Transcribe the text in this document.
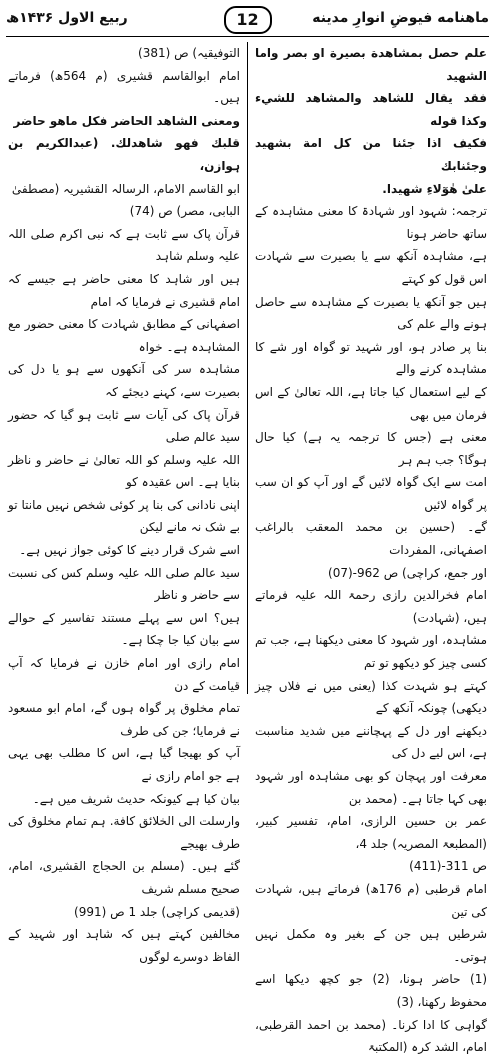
ماهنامه فيوضِ انوارِ مدينه
12
ربیع الاول ۱۴۳۶ھ

علم حصل بمشاهدة بصيرة او بصر واما الشهيد

فقد يقال للشاهد والمشاهد للشيء وكذا قوله

فكيف اذا جئنا من كل امة بشهيد وجئنابك

علیٰ ھٰوٓلاءِ شهيدا.

ترجمہ: شہود اور شہادۃ کا معنی مشاہدہ کے ساتھ حاضر ہونا

ہے، مشاہدہ آنکھ سے یا بصیرت سے شہادت اس قول کو کہتے

ہیں جو آنکھ یا بصیرت کے مشاہدہ سے حاصل ہونے والے علم کی

بنا پر صادر ہو، اور شہید تو گواہ اور شے کا مشاہدہ کرنے والے

کے لیے استعمال کیا جاتا ہے، اللہ تعالیٰ کے اس فرمان میں بھی

معنی ہے (جس کا ترجمہ یہ ہے) کیا حال ہوگا؟ جب ہم ہر

امت سے ایک گواہ لائیں گے اور آپ کو ان سب پر گواہ لائیں

گے۔ (حسین بن محمد المعقب بالراغب اصفہانی، المفردات

اور جمع، کراچی) ص 962-(07)

امام فخرالدین رازی رحمۃ اللہ علیہ فرماتے ہیں، (شہادت)

مشاہدہ، اور شہود کا معنی دیکھنا ہے، جب تم کسی چیز کو دیکھو تو تم

کہتے ہو شہدت کذا (یعنی میں نے فلاں چیز دیکھی) چونکہ آنکھ کے

دیکھنے اور دل کے پہچاننے میں شدید مناسبت ہے، اس لیے دل کی

معرفت اور پہچان کو بھی مشاہدہ اور شہود بھی کہا جاتا ہے۔ (محمد بن

عمر بن حسین الرازی، امام، تفسیر کبیر، (المطبعۃ المصریہ) جلد 4،

ص 311-(411)

امام قرطبی (م 176ھ) فرماتے ہیں، شہادت کی تین

شرطیں ہیں جن کے بغیر وہ مکمل نہیں ہوتی۔

(1) حاضر ہونا، (2) جو کچھ دیکھا اسے محفوظ رکھنا، (3)

گواہی کا ادا کرنا۔ (محمد بن احمد القرطبی، امام، الشد کرہ (المکتبۃ

التوفیقیہ) ص (381)

امام ابوالقاسم قشیری (م 564ھ) فرماتے ہیں۔

ومعنى الشاهد الحاضر فكل ماهو حاضر

قلبك فهو شاهدلك. (عبدالکریم بن ہوازن،

ابو القاسم الامام، الرسالہ القشیریہ (مصطفیٰ

البابی، مصر) ص (74)

قرآن پاک سے ثابت ہے کہ نبی اکرم صلی اللہ علیہ وسلم شاہد

ہیں اور شاہد کا معنی حاضر ہے جیسے کہ امام قشیری نے فرمایا کہ امام

اصفہانی کے مطابق شہادت کا معنی حضور مع المشاہدہ ہے۔ خواہ

مشاہدہ سر کی آنکھوں سے ہو یا دل کی بصیرت سے، کہنے دیجئے کہ

قرآن پاک کی آیات سے ثابت ہو گیا کہ حضور سید عالم صلی

اللہ علیہ وسلم کو اللہ تعالیٰ نے حاضر و ناظر بنایا ہے۔ اس عقیدہ کو

اپنی نادانی کی بنا پر کوئی شخص نہیں مانتا تو بے شک نہ مانے لیکن

اسے شرک قرار دینے کا کوئی جواز نہیں ہے۔

سید عالم صلی اللہ علیہ وسلم کس کی نسبت سے حاضر و ناظر

ہیں؟ اس سے پہلے مستند تفاسیر کے حوالے سے بیان کیا جا چکا ہے۔

امام رازی اور امام خازن نے فرمایا کہ آپ قیامت کے دن

تمام مخلوق پر گواہ ہوں گے، امام ابو مسعود نے فرمایا؛ جن کی طرف

آپ کو بھیجا گیا ہے، اس کا مطلب بھی یہی ہے جو امام رازی نے

بیان کیا ہے کیونکہ حدیث شریف میں ہے۔

وارسلت الى الخلائق كافة. ہم تمام مخلوق کی طرف بھیجے

گئے ہیں۔ (مسلم بن الحجاج القشیری، امام، صحیح مسلم شریف

(قدیمی کراچی) جلد 1 ص (991)

مخالفین کہتے ہیں کہ شاہد اور شہید کے الفاظ دوسرے لوگوں
